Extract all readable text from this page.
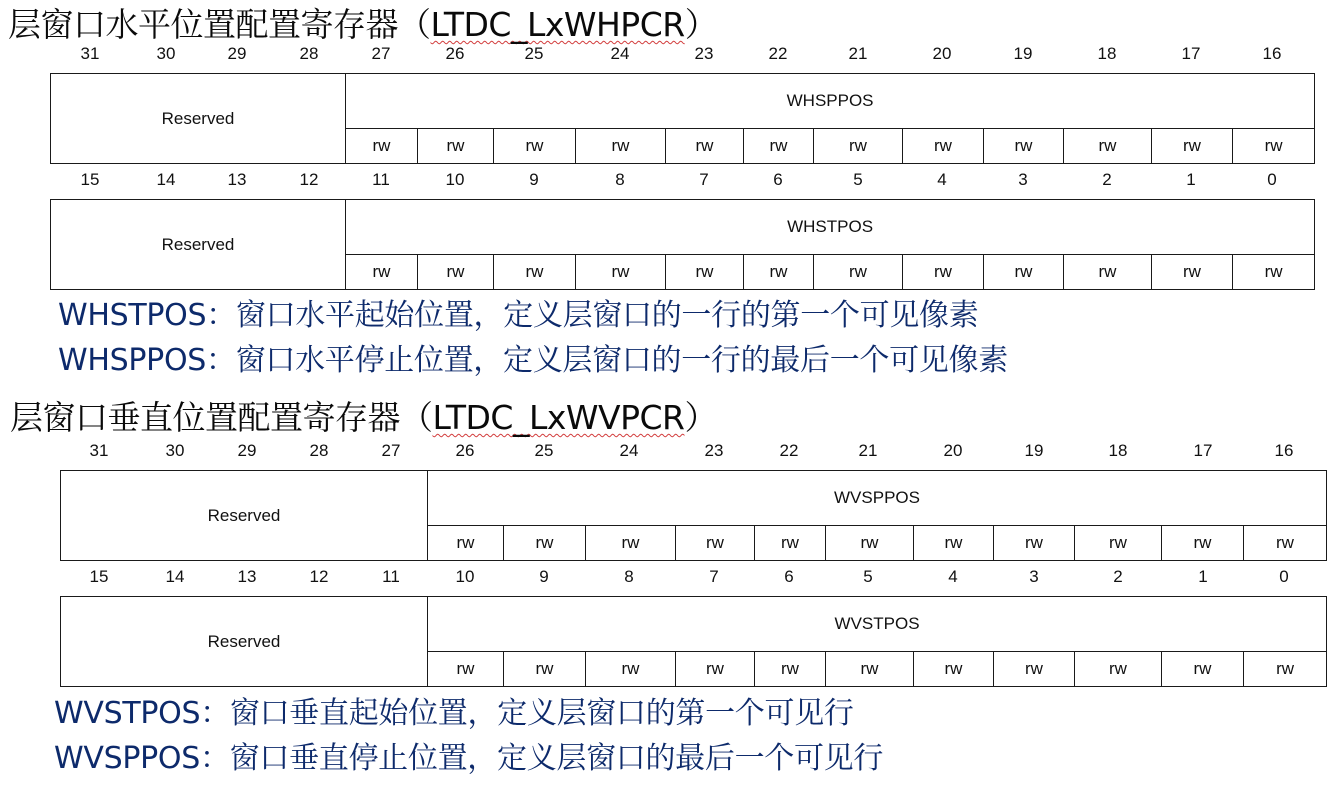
层窗口水平位置配置寄存器（LTDC_LxWHPCR）
31	30	29	28	27	26	25	24	23	22	21	20	19	18	17	16
Reserved	WHSPPOS											
	rw	rw	rw	rw	rw	rw	rw	rw	rw	rw	rw	rw
15	14	13	12	11	10	9	8	7	6	5	4	3	2	1	0
Reserved	WHSTPOS											
	rw	rw	rw	rw	rw	rw	rw	rw	rw	rw	rw	rw
WHSTPOS：窗口水平起始位置，定义层窗口的一行的第一个可见像素
WHSPPOS：窗口水平停止位置，定义层窗口的一行的最后一个可见像素
层窗口垂直位置配置寄存器（LTDC_LxWVPCR）
31	30	29	28	27	26	25	24	23	22	21	20	19	18	17	16
Reserved	WVSPPOS										
	rw	rw	rw	rw	rw	rw	rw	rw	rw	rw	rw
15	14	13	12	11	10	9	8	7	6	5	4	3	2	1	0
Reserved	WVSTPOS										
	rw	rw	rw	rw	rw	rw	rw	rw	rw	rw	rw
WVSTPOS：窗口垂直起始位置，定义层窗口的第一个可见行
WVSPPOS：窗口垂直停止位置，定义层窗口的最后一个可见行
